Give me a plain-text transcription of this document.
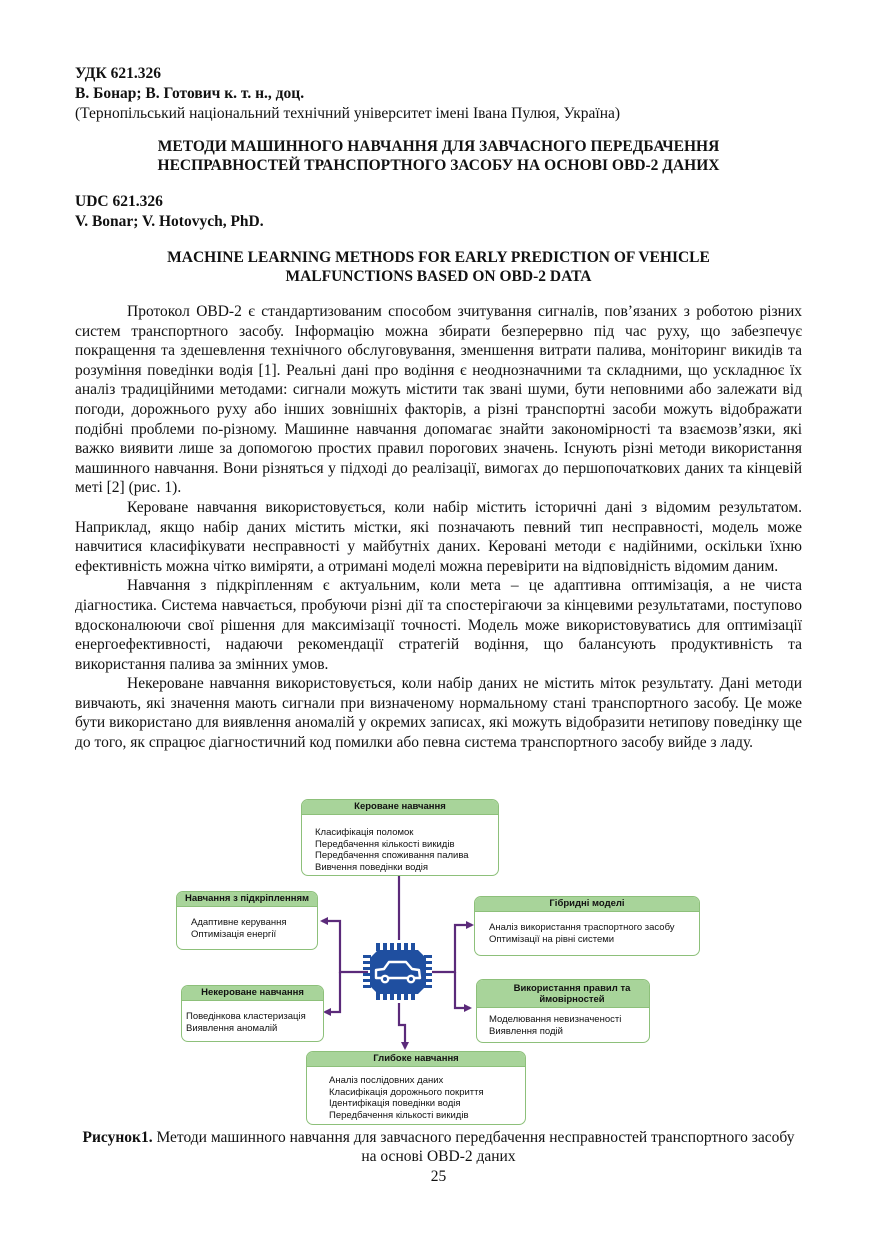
УДК 621.326
В. Бонар; В. Готович к. т. н., доц.
(Тернопільський національний технічний університет імені Івана Пулюя, Україна)
МЕТОДИ МАШИННОГО НАВЧАННЯ ДЛЯ ЗАВЧАСНОГО ПЕРЕДБАЧЕННЯ
НЕСПРАВНОСТЕЙ ТРАНСПОРТНОГО ЗАСОБУ НА ОСНОВІ OBD-2 ДАНИХ
UDC 621.326
V. Bonar; V. Hotovych, PhD.
MACHINE LEARNING METHODS FOR EARLY PREDICTION OF VEHICLE
MALFUNCTIONS BASED ON OBD-2 DATA

Протокол OBD-2 є стандартизованим способом зчитування сигналів, пов’язаних з роботою різних систем транспортного засобу. Інформацію можна збирати безперервно під час руху, що забезпечує покращення та здешевлення технічного обслуговування, зменшення витрати палива, моніторинг викидів та розуміння поведінки водія [1]. Реальні дані про водіння є неоднозначними та складними, що ускладнює їх аналіз традиційними методами: сигнали можуть містити так звані шуми, бути неповними або залежати від погоди, дорожнього руху або інших зовнішніх факторів, а різні транспортні засоби можуть відображати подібні проблеми по-різному. Машинне навчання допомагає знайти закономірності та взаємозв’язки, які важко виявити лише за допомогою простих правил порогових значень. Існують різні методи використання машинного навчання. Вони різняться у підході до реалізації, вимогах до першопочаткових даних та кінцевій меті [2] (рис. 1).

Кероване навчання використовується, коли набір містить історичні дані з відомим результатом. Наприклад, якщо набір даних містить містки, які позначають певний тип несправності, модель може навчитися класифікувати несправності у майбутніх даних. Керовані методи є надійними, оскільки їхню ефективність можна чітко виміряти, а отримані моделі можна перевірити на відповідність відомим даним.

Навчання з підкріпленням є актуальним, коли мета – це адаптивна оптимізація, а не чиста діагностика. Система навчається, пробуючи різні дії та спостерігаючи за кінцевими результатами, поступово вдосконалюючи свої рішення для максимізації точності. Модель може використовуватись для оптимізації енергоефективності, надаючи рекомендації стратегій водіння, що балансують продуктивність та використання палива за змінних умов.

Некероване навчання використовується, коли набір даних не містить міток результату. Дані методи вивчають, які значення мають сигнали при визначеному нормальному стані транспортного засобу. Це може бути використано для виявлення аномалій у окремих записах, які можуть відобразити нетипову поведінку ще до того, як спрацює діагностичний код помилки або певна система транспортного засобу вийде з ладу.

Кероване навчання
Класифікація поломок
Передбачення кількості викидів
Передбачення споживання палива
Вивчення поведінки водія
Навчання з підкріпленням
Адаптивне керування
Оптимізація енергії
Гібридні моделі
Аналіз використання траспортного засобу
Оптимізації на рівні системи
Некероване навчання
Поведінкова кластеризація
Виявлення аномалій
Використання правил та ймовірностей
Моделювання невизначеності
Виявлення подій
Глибоке навчання
Аналіз послідовних даних
Класифікація дорожнього покриття
Ідентифікація поведінки водія
Передбачення кількості викидів
Рисунок1. Методи машинного навчання для завчасного передбачення несправностей транспортного засобу на основі OBD-2 даних
25
